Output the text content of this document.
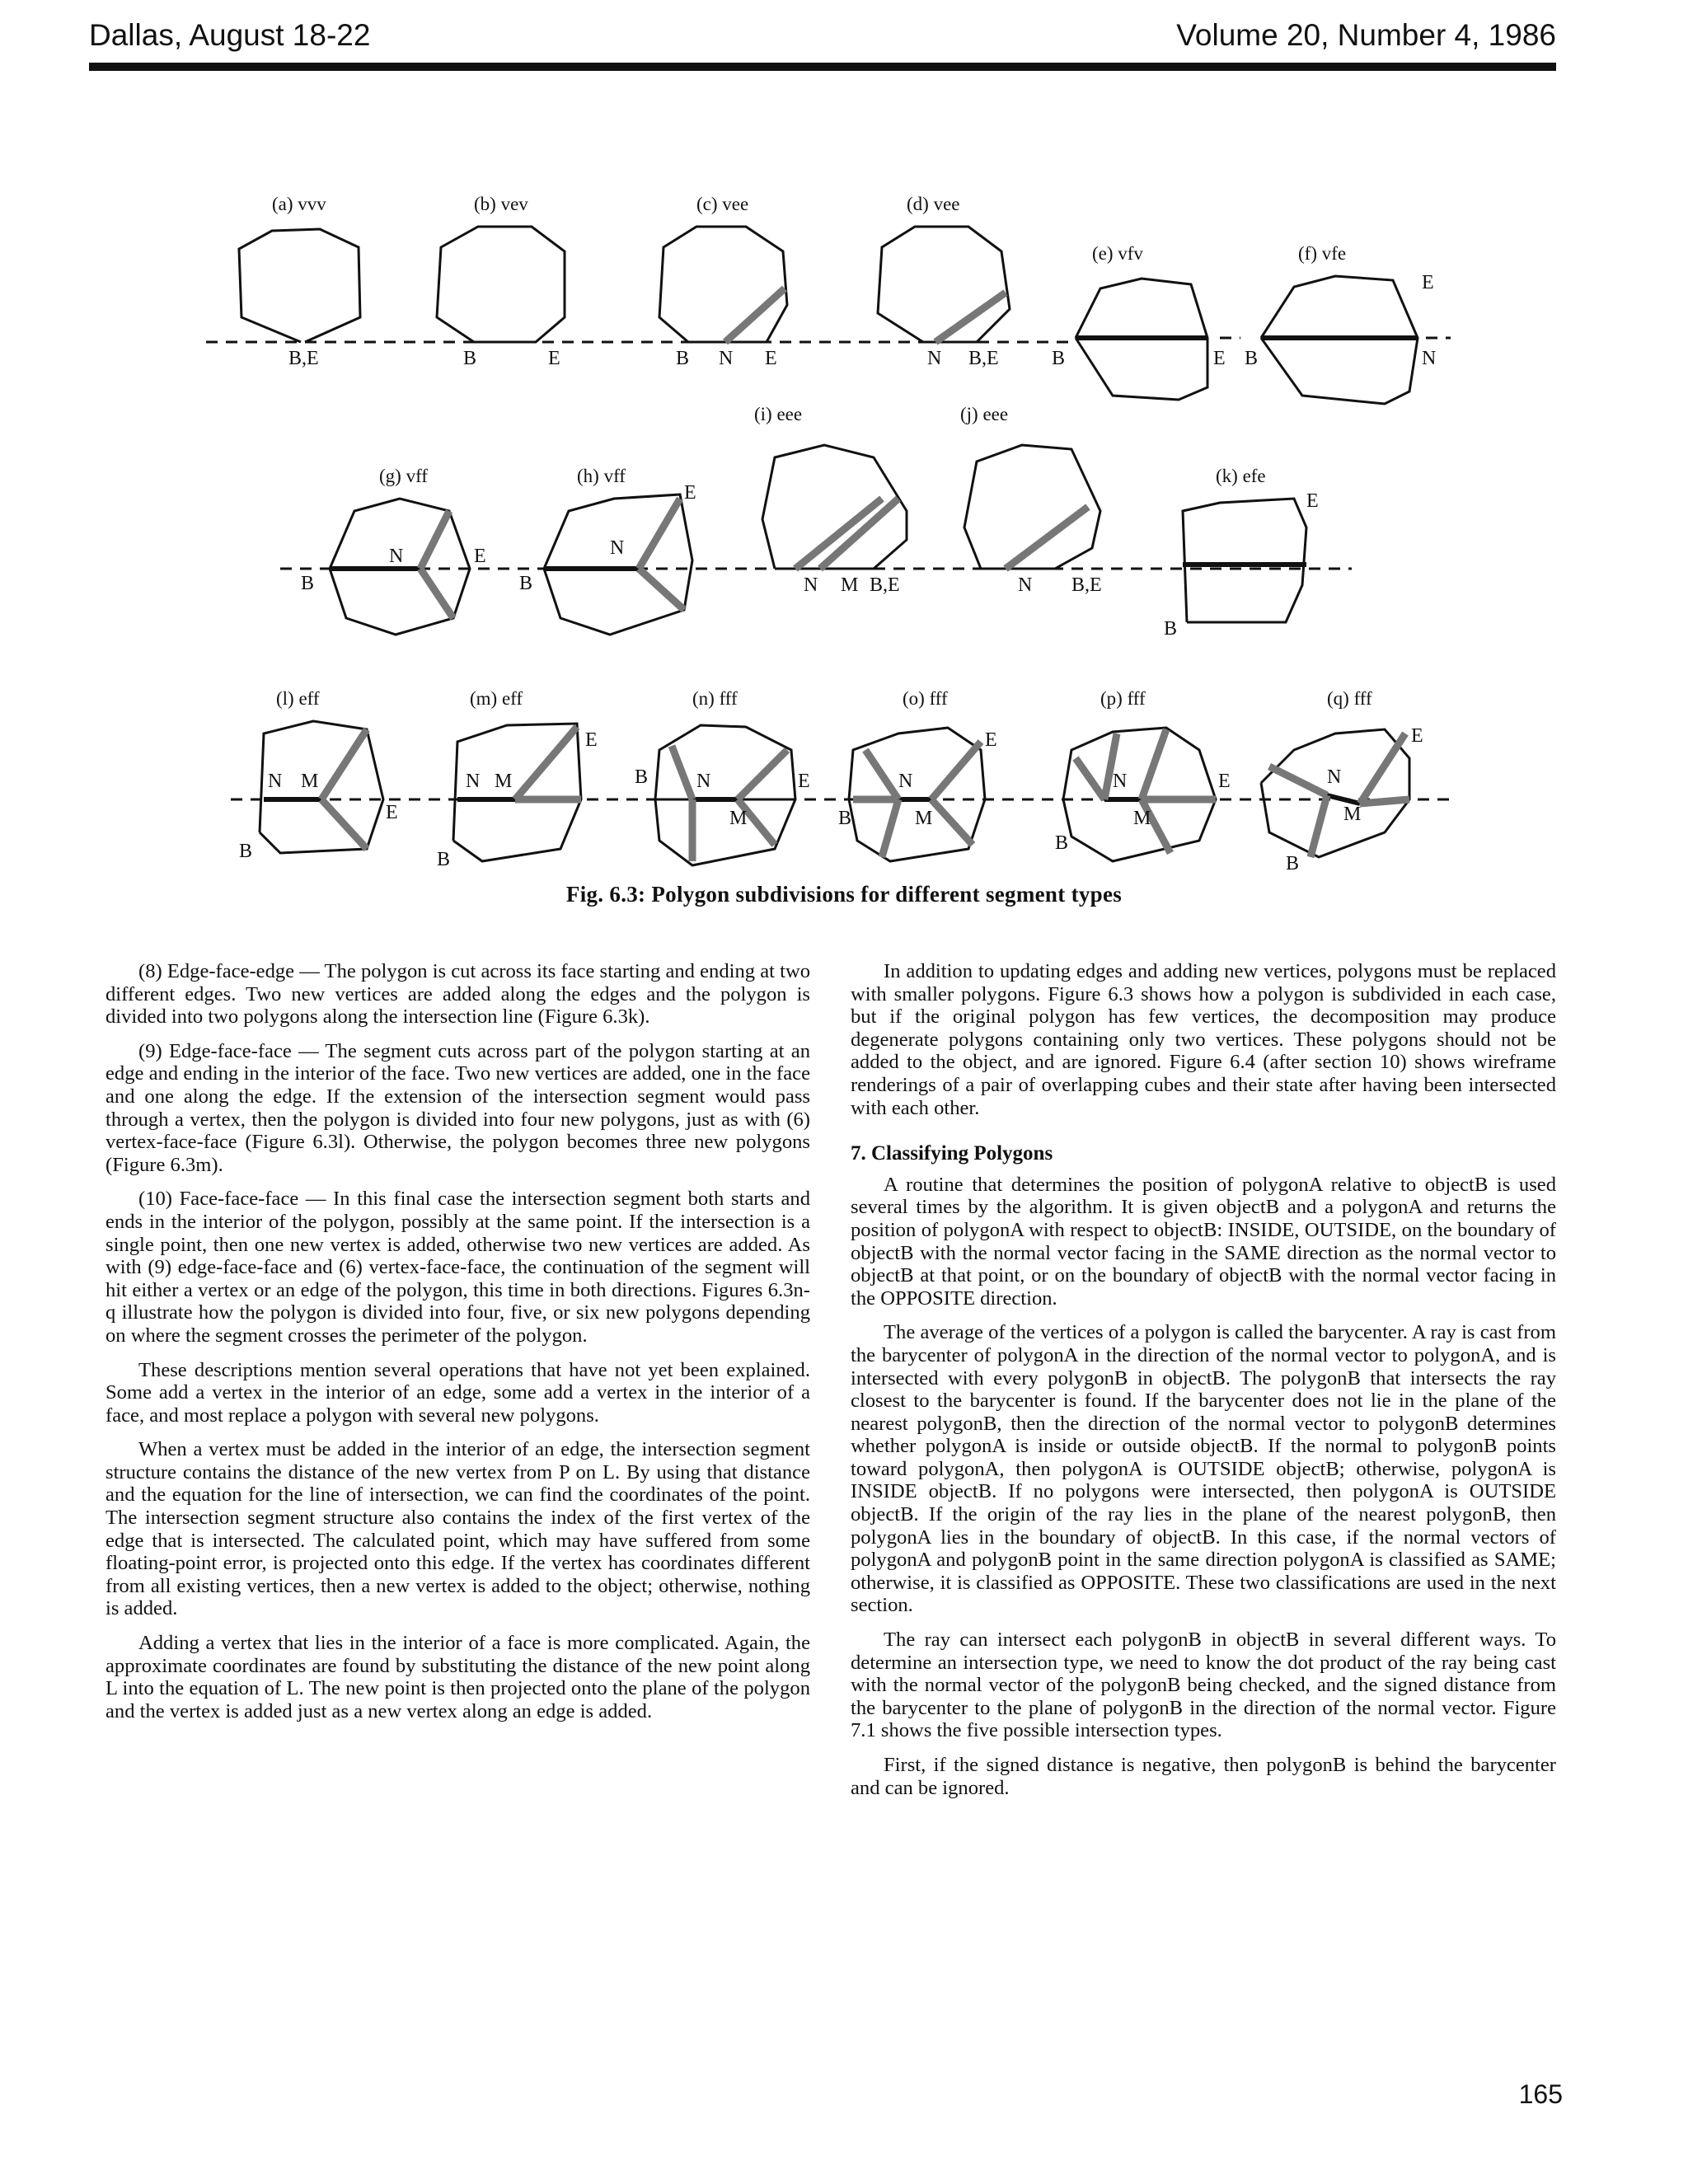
Dallas, August 18-22	Volume 20, Number 4, 1986
(a) vvv	(b) vev	(c) vee	(d) vee
(e) vfv	(f) vfe
B,E	B	E	B N E	N B,E	B	E B
E
N
(i) eee	(j) eee
(g) vff	(h) vff	(k) efe
N	E
B
N
E
B	N M B,E	N B,E
E
B
(l) eff	(m) eff	(n) fff	(o) fff	(p) fff	(q) fff
N M
E
B
N M
E
B
B N
M
E
B
N
M
E
N
M
E
B
N
M
E
B
Fig. 6.3: Polygon subdivisions for different segment types

(8) Edge-face-edge — The polygon is cut across its face starting and ending at two different edges. Two new vertices are added along the edges and the polygon is divided into two polygons along the intersection line (Figure 6.3k).

(9) Edge-face-face — The segment cuts across part of the polygon starting at an edge and ending in the interior of the face. Two new vertices are added, one in the face and one along the edge. If the extension of the intersection segment would pass through a vertex, then the polygon is divided into four new polygons, just as with (6) vertex-face-face (Figure 6.3l). Otherwise, the polygon becomes three new polygons (Figure 6.3m).

(10) Face-face-face — In this final case the intersection segment both starts and ends in the interior of the polygon, possibly at the same point. If the intersection is a single point, then one new vertex is added, otherwise two new vertices are added. As with (9) edge-face-face and (6) vertex-face-face, the continuation of the segment will hit either a vertex or an edge of the polygon, this time in both directions. Figures 6.3n-q illustrate how the polygon is divided into four, five, or six new polygons depending on where the segment crosses the perimeter of the polygon.

These descriptions mention several operations that have not yet been explained. Some add a vertex in the interior of an edge, some add a vertex in the interior of a face, and most replace a polygon with several new polygons.

When a vertex must be added in the interior of an edge, the intersection segment structure contains the distance of the new vertex from P on L. By using that distance and the equation for the line of intersection, we can find the coordinates of the point. The intersection segment structure also contains the index of the first vertex of the edge that is intersected. The calculated point, which may have suffered from some floating-point error, is projected onto this edge. If the vertex has coordinates different from all existing vertices, then a new vertex is added to the object; otherwise, nothing is added.

Adding a vertex that lies in the interior of a face is more complicated. Again, the approximate coordinates are found by substituting the distance of the new point along L into the equation of L. The new point is then projected onto the plane of the polygon and the vertex is added just as a new vertex along an edge is added.

In addition to updating edges and adding new vertices, polygons must be replaced with smaller polygons. Figure 6.3 shows how a polygon is subdivided in each case, but if the original polygon has few vertices, the decomposition may produce degenerate polygons containing only two vertices. These polygons should not be added to the object, and are ignored. Figure 6.4 (after section 10) shows wireframe renderings of a pair of overlapping cubes and their state after having been intersected with each other.

7. Classifying Polygons

A routine that determines the position of polygonA relative to objectB is used several times by the algorithm. It is given objectB and a polygonA and returns the position of polygonA with respect to objectB: INSIDE, OUTSIDE, on the boundary of objectB with the normal vector facing in the SAME direction as the normal vector to objectB at that point, or on the boundary of objectB with the normal vector facing in the OPPOSITE direction.

The average of the vertices of a polygon is called the barycenter. A ray is cast from the barycenter of polygonA in the direction of the normal vector to polygonA, and is intersected with every polygonB in objectB. The polygonB that intersects the ray closest to the barycenter is found. If the barycenter does not lie in the plane of the nearest polygonB, then the direction of the normal vector to polygonB determines whether polygonA is inside or outside objectB. If the normal to polygonB points toward polygonA, then polygonA is OUTSIDE objectB; otherwise, polygonA is INSIDE objectB. If no polygons were intersected, then polygonA is OUTSIDE objectB. If the origin of the ray lies in the plane of the nearest polygonB, then polygonA lies in the boundary of objectB. In this case, if the normal vectors of polygonA and polygonB point in the same direction polygonA is classified as SAME; otherwise, it is classified as OPPOSITE. These two classifications are used in the next section.

The ray can intersect each polygonB in objectB in several different ways. To determine an intersection type, we need to know the dot product of the ray being cast with the normal vector of the polygonB being checked, and the signed distance from the barycenter to the plane of polygonB in the direction of the normal vector. Figure 7.1 shows the five possible intersection types.

First, if the signed distance is negative, then polygonB is behind the barycenter and can be ignored.

165
